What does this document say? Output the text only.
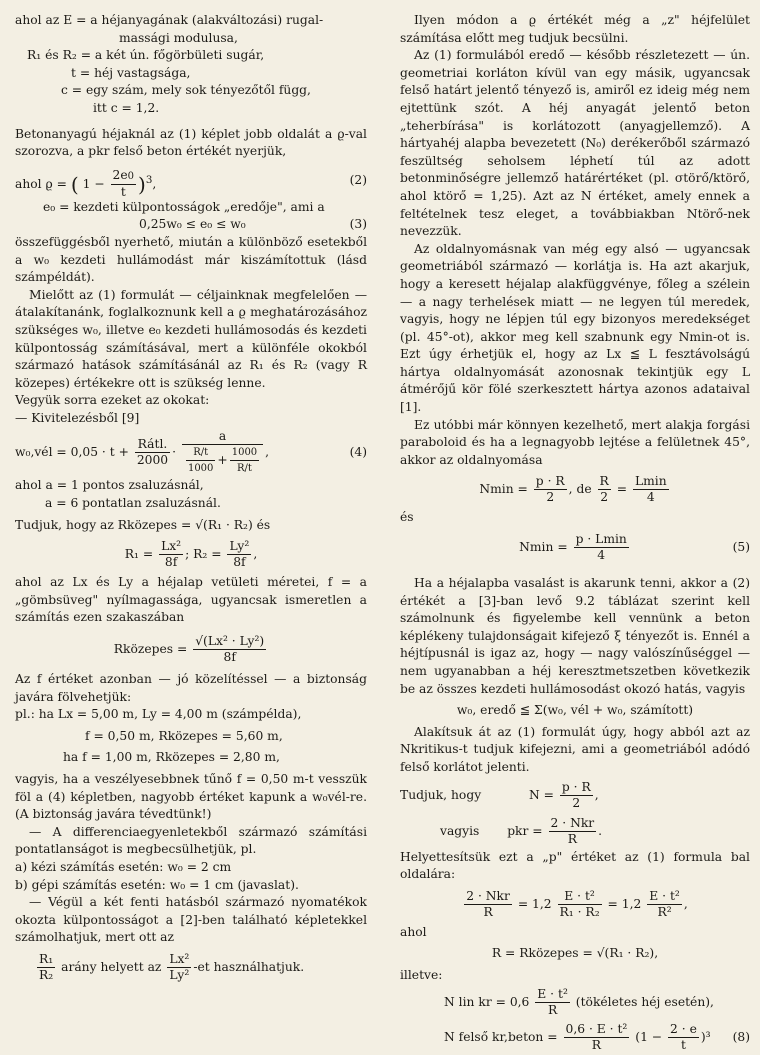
ahol az E = a héjanyagának (alakváltozási) rugal-
massági modulusa,
R₁ és R₂ = a két ún. főgörbületi sugár,
t = héj vastagsága,
c = egy szám, mely sok tényezőtől függ,
itt c = 1,2.

Betonanyagú héjaknál az (1) képlet jobb oldalát a ϱ-val szorozva, a pkr felső beton értékét nyerjük,

ahol ϱ = ( $1 - \frac{2e0}{t} )^3$,	(2)
e₀ = kezdeti külpontosságok „eredője", ami a
0,25w₀ ≤ e₀ ≤ w₀	(3)

összefüggésből nyerhető, miután a különböző esetekből a w₀ kezdeti hullámodást már kiszámítottuk (lásd számpéldát).

Mielőtt az (1) formulát — céljainknak megfelelően — átalakítanánk, foglalkoznunk kell a ϱ meghatározásához szükséges w₀, illetve e₀ kezdeti hullámosodás és kezdeti külpontosság számításával, mert a különféle okokból származó hatások számításánál az R₁ és R₂ (vagy R közepes) értékekre ott is szükség lenne.

Vegyük sorra ezeket az okokat:

— Kivitelezésből [9]

w₀,vél = $0,05 \cdot t + \frac{\text{Rátl.}}{2000} \cdot \frac{a}{\frac{R/t}{1000} + \frac{1000}{R/t}}$ ,	(4)
ahol a = 1 pontos zsaluzásnál,
a = 6 pontatlan zsaluzásnál.
Tudjuk, hogy az Rközepes = √(R₁ · R₂) és
$R_1 = \frac{\text{Lx²}}{8f}$ ; $R_2 = \frac{\text{Ly²}}{8f}$ ,

ahol az Lx és Ly a héjalap vetületi méretei, f = a „gömbsüveg" nyílmagassága, ugyancsak ismeretlen a számítás ezen szakaszában

Rközepes = $\frac{\text{√(Lx² · Ly²)}}{8f}$

Az f értéket azonban — jó közelítéssel — a biztonság javára fölvehetjük:

pl.: ha Lx = 5,00 m, Ly = 4,00 m (számpélda),
f = 0,50 m, Rközepes = 5,60 m,
ha f = 1,00 m, Rközepes = 2,80 m,

vagyis, ha a veszélyesebbnek tűnő f = 0,50 m-t vesszük föl a (4) képletben, nagyobb értéket kapunk a w₀vél-re. (A biztonság javára tévedtünk!)

— A differenciaegyenletekből származó számítási pontatlanságot is megbecsülhetjük, pl.

a) kézi számítás esetén: w₀ = 2 cm
b) gépi számítás esetén: w₀ = 1 cm (javaslat).

— Végül a két fenti hatásból származó nyomatékok okozta külpontosságot a [2]-ben található képletekkel számolhatjuk, mert ott az

$\frac{\text{R₁}}{\text{R₂}}$ arány helyett az $\frac{\text{Lx²}}{\text{Ly²}} -et$ használhatjuk.

Ilyen módon a ϱ értékét még a „z" héjfelület számítása előtt meg tudjuk becsülni.

Az (1) formulából eredő — később részletezett — ún. geometriai korláton kívül van egy másik, ugyancsak felső határt jelentő tényező is, amiről ez ideig még nem ejtettünk szót. A héj anyagát jelentő beton „teherbírása" is korlátozott (anyagjellemző). A hártyahéj alapba bevezetett (N₀) derékerőből származó feszültség seholsem léphetí túl az adott betonminőségre jellemző határértéket (pl. σtörő/ktörő, ahol ktörő = 1,25). Azt az N értéket, amely ennek a feltételnek tesz eleget, a továbbiakban Ntörő-nek nevezzük.

Az oldalnyomásnak van még egy alsó — ugyancsak geometriából származó — korlátja is. Ha azt akarjuk, hogy a keresett héjalap alakfüggvénye, főleg a szélein — a nagy terhelések miatt — ne legyen túl meredek, vagyis, hogy ne lépjen túl egy bizonyos meredekséget (pl. 45°-ot), akkor meg kell szabnunk egy Nmin-ot is. Ezt úgy érhetjük el, hogy az Lx ≦ L fesztávolságú hártya oldalnyomását azonosnak tekintjük egy L átmérőjű kör fölé szerkesztett hártya azonos adataival [1].

Ez utóbbi már könnyen kezelhető, mert alakja forgási paraboloid és ha a legnagyobb lejtése a felületnek 45°, akkor az oldalnyomása

$Nmin = \frac{p \cdot R}{2}$ , de $\frac{R}{2} = \frac{Lmin}{4}$
és
$Nmin = \frac{p \cdot Lmin}{4}$	(5)

Ha a héjalapba vasalást is akarunk tenni, akkor a (2) értékét a [3]-ban levő 9.2 táblázat szerint kell számolnunk és figyelembe kell vennünk a beton képlékeny tulajdonságait kifejező ξ tényezőt is. Ennél a héjtípusnál is igaz az, hogy — nagy valószínűséggel — nem ugyanabban a héj keresztmetszetben következik be az összes kezdeti hullámosodást okozó hatás, vagyis

w₀, eredő ≦ Σ(w₀, vél + w₀, számított)

Alakítsuk át az (1) formulát úgy, hogy abból azt az Nkritikus-t tudjuk kifejezni, ami a geometriából adódó felső korlátot jelenti.

Tudjuk, hogy	$N = \frac{p \cdot R}{2}$ ,
vagyis pkr = $\frac{\text{2 · Nkr}}{R}$ .

Helyettesítsük ezt a „p" értéket az (1) formula bal oldalára:

$\frac{\text{2 · Nkr}}{R} = 1,2 \frac{\text{E · t²}}{\text{R₁ · R₂}} = 1,2 \frac{\text{E · t²}}{\text{R²}}$ ,
ahol
R = Rközepes = √(R₁ · R₂),
illetve:
N lin kr = $0,6 \frac{\text{E · t²}}{R}$ (tökéletes héj esetén),
N felső kr,beton = $\frac{\text{0,6 · E · t²}}{R} (1 - \frac{2 \cdot e}{t} )^3$ (8)
